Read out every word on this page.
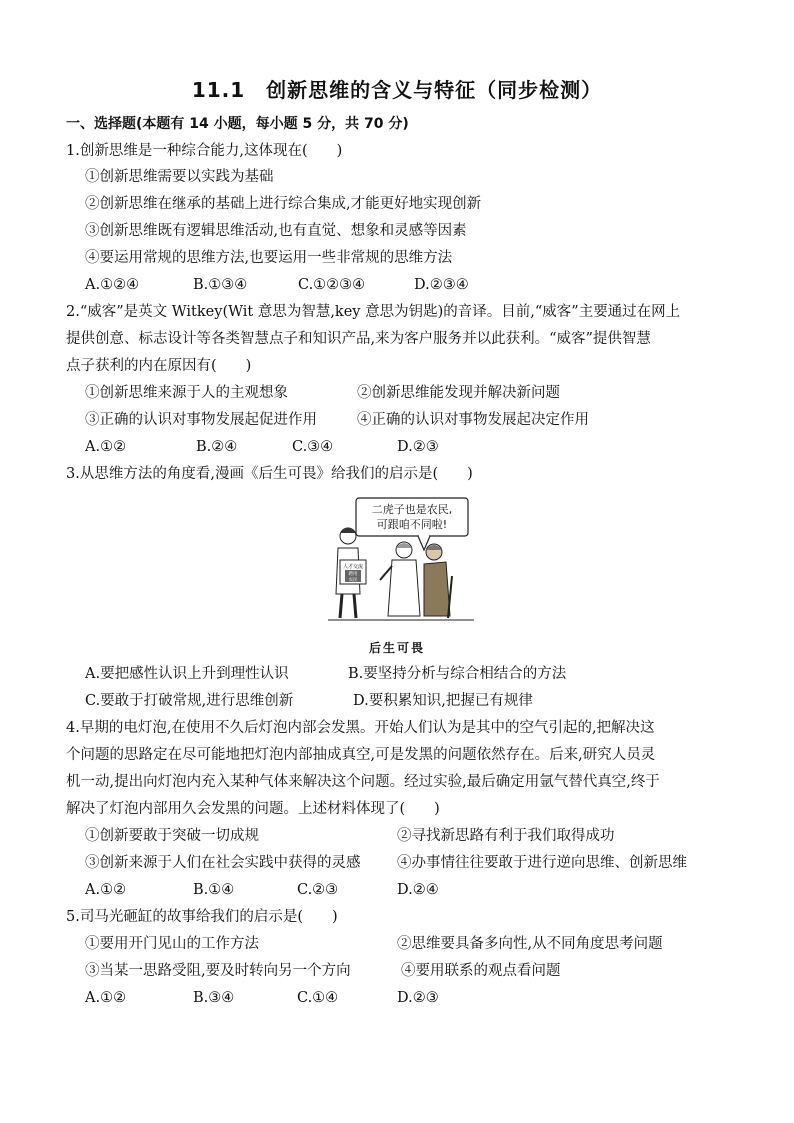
11.1　创新思维的含义与特征（同步检测）
一、选择题(本题有 14 小题，每小题 5 分，共 70 分)
1.创新思维是一种综合能力,这体现在(　　)
①创新思维需要以实践为基础
②创新思维在继承的基础上进行综合集成,才能更好地实现创新
③创新思维既有逻辑思维活动,也有直觉、想象和灵感等因素
④要运用常规的思维方法,也要运用一些非常规的思维方法
A.①②④	B.①③④	C.①②③④	D.②③④
2.“威客”是英文 Witkey(Wit 意思为智慧,key 意思为钥匙)的音译。目前,“威客”主要通过在网上
提供创意、标志设计等各类智慧点子和知识产品,来为客户服务并以此获利。“威客”提供智慧
点子获利的内在原因有(　　)
①创新思维来源于人的主观想象	②创新思维能发现并解决新问题
③正确的认识对事物发展起促进作用	④正确的认识对事物发展起决定作用
A.①②	B.②④	C.③④	D.②③
3.从思维方法的角度看,漫画《后生可畏》给我们的启示是(　　)
二虎子也是农民,
可跟咱不同啦!
人才交流
聘用
农民
后生可畏
A.要把感性认识上升到理性认识	B.要坚持分析与综合相结合的方法
C.要敢于打破常规,进行思维创新	D.要积累知识,把握已有规律
4.早期的电灯泡,在使用不久后灯泡内部会发黑。开始人们认为是其中的空气引起的,把解决这
个问题的思路定在尽可能地把灯泡内部抽成真空,可是发黑的问题依然存在。后来,研究人员灵
机一动,提出向灯泡内充入某种气体来解决这个问题。经过实验,最后确定用氩气替代真空,终于
解决了灯泡内部用久会发黑的问题。上述材料体现了(　　)
①创新要敢于突破一切成规	②寻找新思路有利于我们取得成功
③创新来源于人们在社会实践中获得的灵感	④办事情往往要敢于进行逆向思维、创新思维
A.①②	B.①④	C.②③	D.②④
5.司马光砸缸的故事给我们的启示是(　　)
①要用开门见山的工作方法	②思维要具备多向性,从不同角度思考问题
③当某一思路受阻,要及时转向另一个方向	④要用联系的观点看问题
A.①②	B.③④	C.①④	D.②③
